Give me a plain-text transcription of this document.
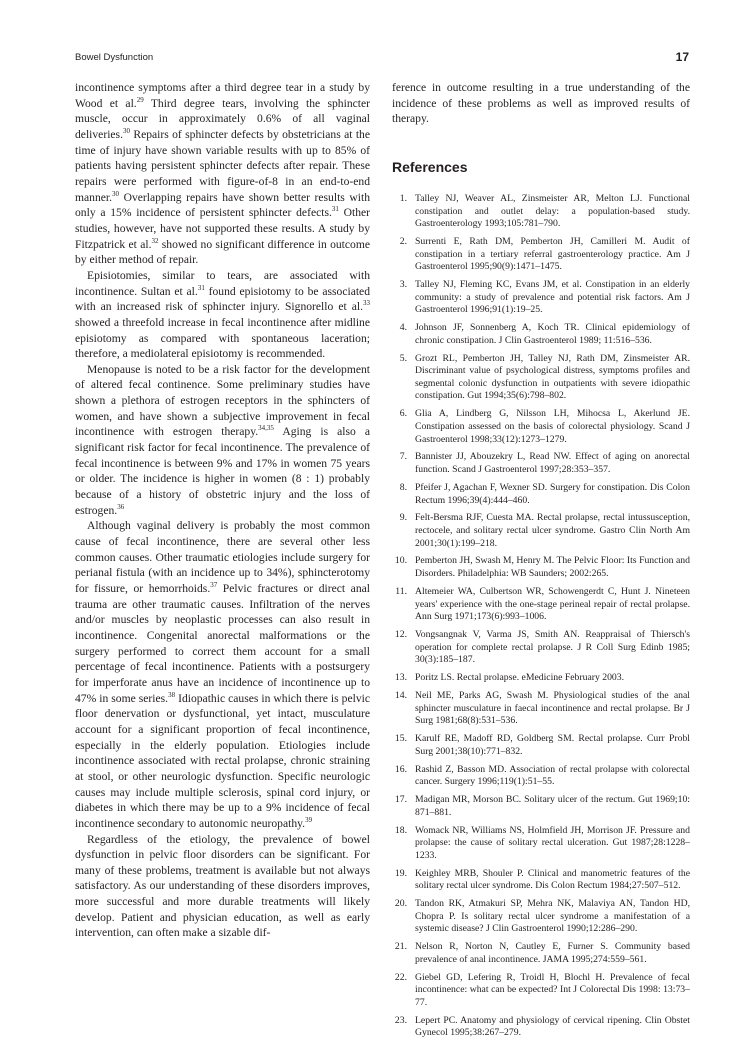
Bowel Dysfunction	17

incontinence symptoms after a third degree tear in a study by Wood et al.$^{29}$ Third degree tears, involving the sphincter muscle, occur in approximately 0.6% of all vaginal deliveries.$^{30}$ Repairs of sphincter defects by obstetricians at the time of injury have shown variable results with up to 85% of patients having persistent sphincter defects after repair. These repairs were performed with figure-of-8 in an end-to-end manner.$^{30}$ Overlapping repairs have shown better results with only a 15% incidence of persistent sphincter defects.$^{31}$ Other studies, however, have not supported these results. A study by Fitzpatrick et al.$^{32}$ showed no significant difference in outcome by either method of repair.

Episiotomies, similar to tears, are associated with incontinence. Sultan et al.$^{31}$ found episiotomy to be associated with an increased risk of sphincter injury. Signorello et al.$^{33}$ showed a threefold increase in fecal incontinence after midline episiotomy as compared with spontaneous laceration; therefore, a mediolateral episiotomy is recommended.

Menopause is noted to be a risk factor for the development of altered fecal continence. Some preliminary studies have shown a plethora of estrogen receptors in the sphincters of women, and have shown a subjective improvement in fecal incontinence with estrogen therapy.$^{34,35}$ Aging is also a significant risk factor for fecal incontinence. The prevalence of fecal incontinence is between 9% and 17% in women 75 years or older. The incidence is higher in women (8 : 1) probably because of a history of obstetric injury and the loss of estrogen.$^{36}$

Although vaginal delivery is probably the most common cause of fecal incontinence, there are several other less common causes. Other traumatic etiologies include surgery for perianal fistula (with an incidence up to 34%), sphincterotomy for fissure, or hemorrhoids.$^{37}$ Pelvic fractures or direct anal trauma are other traumatic causes. Infiltration of the nerves and/or muscles by neoplastic processes can also result in incontinence. Congenital anorectal malformations or the surgery performed to correct them account for a small percentage of fecal incontinence. Patients with a postsurgery for imperforate anus have an incidence of incontinence up to 47% in some series.$^{38}$ Idiopathic causes in which there is pelvic floor denervation or dysfunctional, yet intact, musculature account for a significant proportion of fecal incontinence, especially in the elderly population. Etiologies include incontinence associated with rectal prolapse, chronic straining at stool, or other neurologic dysfunction. Specific neurologic causes may include multiple sclerosis, spinal cord injury, or diabetes in which there may be up to a 9% incidence of fecal incontinence secondary to autonomic neuropathy.$^{39}$

Regardless of the etiology, the prevalence of bowel dysfunction in pelvic floor disorders can be significant. For many of these problems, treatment is available but not always satisfactory. As our understanding of these disorders improves, more successful and more durable treatments will likely develop. Patient and physician education, as well as early intervention, can often make a sizable dif-

ference in outcome resulting in a true understanding of the incidence of these problems as well as improved results of therapy.

References
1. Talley NJ, Weaver AL, Zinsmeister AR, Melton LJ. Functional constipation and outlet delay: a population-based study. Gastroenterology 1993;105:781–790.
2. Surrenti E, Rath DM, Pemberton JH, Camilleri M. Audit of constipation in a tertiary referral gastroenterology practice. Am J Gastroenterol 1995;90(9):1471–1475.
3. Talley NJ, Fleming KC, Evans JM, et al. Constipation in an elderly community: a study of prevalence and potential risk factors. Am J Gastroenterol 1996;91(1):19–25.
4. Johnson JF, Sonnenberg A, Koch TR. Clinical epidemiology of chronic constipation. J Clin Gastroenterol 1989; 11:516–536.
5. Grozt RL, Pemberton JH, Talley NJ, Rath DM, Zinsmeister AR. Discriminant value of psychological distress, symptoms profiles and segmental colonic dysfunction in outpatients with severe idiopathic constipation. Gut 1994;35(6):798–802.
6. Glia A, Lindberg G, Nilsson LH, Mihocsa L, Akerlund JE. Constipation assessed on the basis of colorectal physiology. Scand J Gastroenterol 1998;33(12):1273–1279.
7. Bannister JJ, Abouzekry L, Read NW. Effect of aging on anorectal function. Scand J Gastroenterol 1997;28:353–357.
8. Pfeifer J, Agachan F, Wexner SD. Surgery for constipation. Dis Colon Rectum 1996;39(4):444–460.
9. Felt-Bersma RJF, Cuesta MA. Rectal prolapse, rectal intussusception, rectocele, and solitary rectal ulcer syndrome. Gastro Clin North Am 2001;30(1):199–218.
10. Pemberton JH, Swash M, Henry M. The Pelvic Floor: Its Function and Disorders. Philadelphia: WB Saunders; 2002:265.
11. Altemeier WA, Culbertson WR, Schowengerdt C, Hunt J. Nineteen years' experience with the one-stage perineal repair of rectal prolapse. Ann Surg 1971;173(6):993–1006.
12. Vongsangnak V, Varma JS, Smith AN. Reappraisal of Thiersch's operation for complete rectal prolapse. J R Coll Surg Edinb 1985; 30(3):185–187.
13. Poritz LS. Rectal prolapse. eMedicine February 2003.
14. Neil ME, Parks AG, Swash M. Physiological studies of the anal sphincter musculature in faecal incontinence and rectal prolapse. Br J Surg 1981;68(8):531–536.
15. Karulf RE, Madoff RD, Goldberg SM. Rectal prolapse. Curr Probl Surg 2001;38(10):771–832.
16. Rashid Z, Basson MD. Association of rectal prolapse with colorectal cancer. Surgery 1996;119(1):51–55.
17. Madigan MR, Morson BC. Solitary ulcer of the rectum. Gut 1969;10: 871–881.
18. Womack NR, Williams NS, Holmfield JH, Morrison JF. Pressure and prolapse: the cause of solitary rectal ulceration. Gut 1987;28:1228–1233.
19. Keighley MRB, Shouler P. Clinical and manometric features of the solitary rectal ulcer syndrome. Dis Colon Rectum 1984;27:507–512.
20. Tandon RK, Atmakuri SP, Mehra NK, Malaviya AN, Tandon HD, Chopra P. Is solitary rectal ulcer syndrome a manifestation of a systemic disease? J Clin Gastroenterol 1990;12:286–290.
21. Nelson R, Norton N, Cautley E, Furner S. Community based prevalence of anal incontinence. JAMA 1995;274:559–561.
22. Giebel GD, Lefering R, Troidl H, Blochl H. Prevalence of fecal incontinence: what can be expected? Int J Colorectal Dis 1998: 13:73–77.
23. Lepert PC. Anatomy and physiology of cervical ripening. Clin Obstet Gynecol 1995;38:267–279.
